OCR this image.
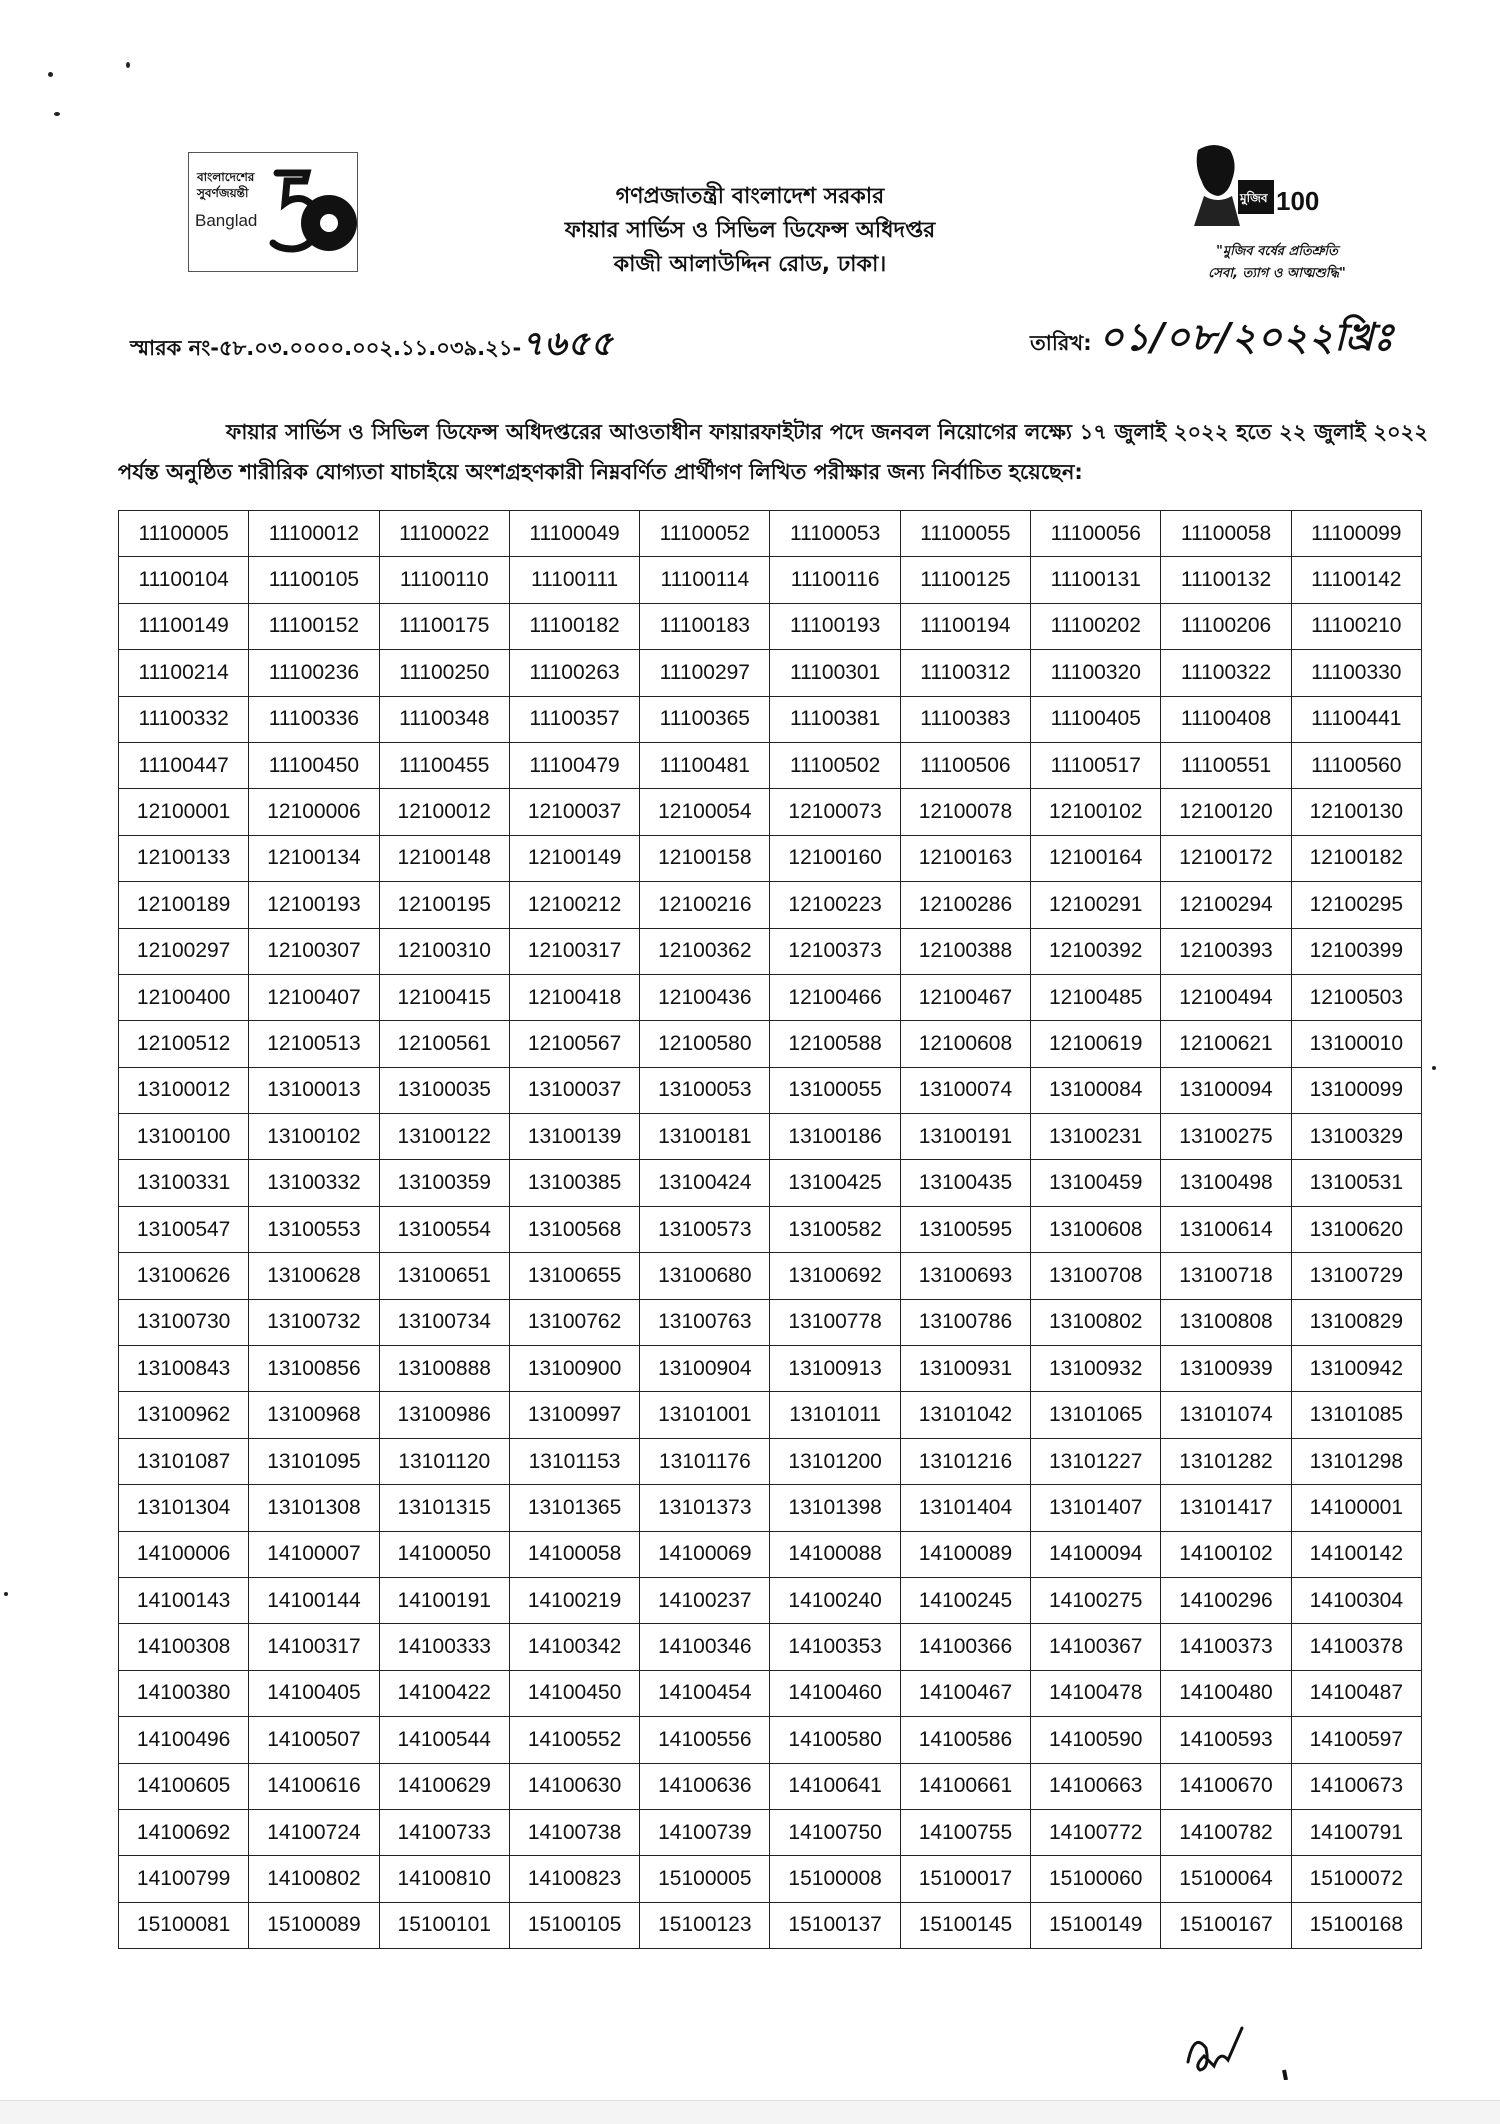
বাংলাদেশের
সুবর্ণজয়ন্তী
Banglad
গণপ্রজাতন্ত্রী বাংলাদেশ সরকার
ফায়ার সার্ভিস ও সিভিল ডিফেন্স অধিদপ্তর
কাজী আলাউদ্দিন রোড, ঢাকা।
100
মুজিব
"মুজিব বর্ষের প্রতিশ্রুতি
সেবা, ত্যাগ ও আত্মশুদ্ধি"
স্মারক নং-৫৮.০৩.০০০০.০০২.১১.০৩৯.২১-৭৬৫৫	তারিখ: ০১/০৮/২০২২খ্রিঃ
ফায়ার সার্ভিস ও সিভিল ডিফেন্স অধিদপ্তরের আওতাধীন ফায়ারফাইটার পদে জনবল নিয়োগের লক্ষ্যে ১৭ জুলাই ২০২২ হতে ২২ জুলাই ২০২২ পর্যন্ত অনুষ্ঠিত শারীরিক যোগ্যতা যাচাইয়ে অংশগ্রহণকারী নিম্নবর্ণিত প্রার্থীগণ লিখিত পরীক্ষার জন্য নির্বাচিত হয়েছেন:
11100005	11100012	11100022	11100049	11100052	11100053	11100055	11100056	11100058	11100099
11100104	11100105	11100110	11100111	11100114	11100116	11100125	11100131	11100132	11100142
11100149	11100152	11100175	11100182	11100183	11100193	11100194	11100202	11100206	11100210
11100214	11100236	11100250	11100263	11100297	11100301	11100312	11100320	11100322	11100330
11100332	11100336	11100348	11100357	11100365	11100381	11100383	11100405	11100408	11100441
11100447	11100450	11100455	11100479	11100481	11100502	11100506	11100517	11100551	11100560
12100001	12100006	12100012	12100037	12100054	12100073	12100078	12100102	12100120	12100130
12100133	12100134	12100148	12100149	12100158	12100160	12100163	12100164	12100172	12100182
12100189	12100193	12100195	12100212	12100216	12100223	12100286	12100291	12100294	12100295
12100297	12100307	12100310	12100317	12100362	12100373	12100388	12100392	12100393	12100399
12100400	12100407	12100415	12100418	12100436	12100466	12100467	12100485	12100494	12100503
12100512	12100513	12100561	12100567	12100580	12100588	12100608	12100619	12100621	13100010
13100012	13100013	13100035	13100037	13100053	13100055	13100074	13100084	13100094	13100099
13100100	13100102	13100122	13100139	13100181	13100186	13100191	13100231	13100275	13100329
13100331	13100332	13100359	13100385	13100424	13100425	13100435	13100459	13100498	13100531
13100547	13100553	13100554	13100568	13100573	13100582	13100595	13100608	13100614	13100620
13100626	13100628	13100651	13100655	13100680	13100692	13100693	13100708	13100718	13100729
13100730	13100732	13100734	13100762	13100763	13100778	13100786	13100802	13100808	13100829
13100843	13100856	13100888	13100900	13100904	13100913	13100931	13100932	13100939	13100942
13100962	13100968	13100986	13100997	13101001	13101011	13101042	13101065	13101074	13101085
13101087	13101095	13101120	13101153	13101176	13101200	13101216	13101227	13101282	13101298
13101304	13101308	13101315	13101365	13101373	13101398	13101404	13101407	13101417	14100001
14100006	14100007	14100050	14100058	14100069	14100088	14100089	14100094	14100102	14100142
14100143	14100144	14100191	14100219	14100237	14100240	14100245	14100275	14100296	14100304
14100308	14100317	14100333	14100342	14100346	14100353	14100366	14100367	14100373	14100378
14100380	14100405	14100422	14100450	14100454	14100460	14100467	14100478	14100480	14100487
14100496	14100507	14100544	14100552	14100556	14100580	14100586	14100590	14100593	14100597
14100605	14100616	14100629	14100630	14100636	14100641	14100661	14100663	14100670	14100673
14100692	14100724	14100733	14100738	14100739	14100750	14100755	14100772	14100782	14100791
14100799	14100802	14100810	14100823	15100005	15100008	15100017	15100060	15100064	15100072
15100081	15100089	15100101	15100105	15100123	15100137	15100145	15100149	15100167	15100168
